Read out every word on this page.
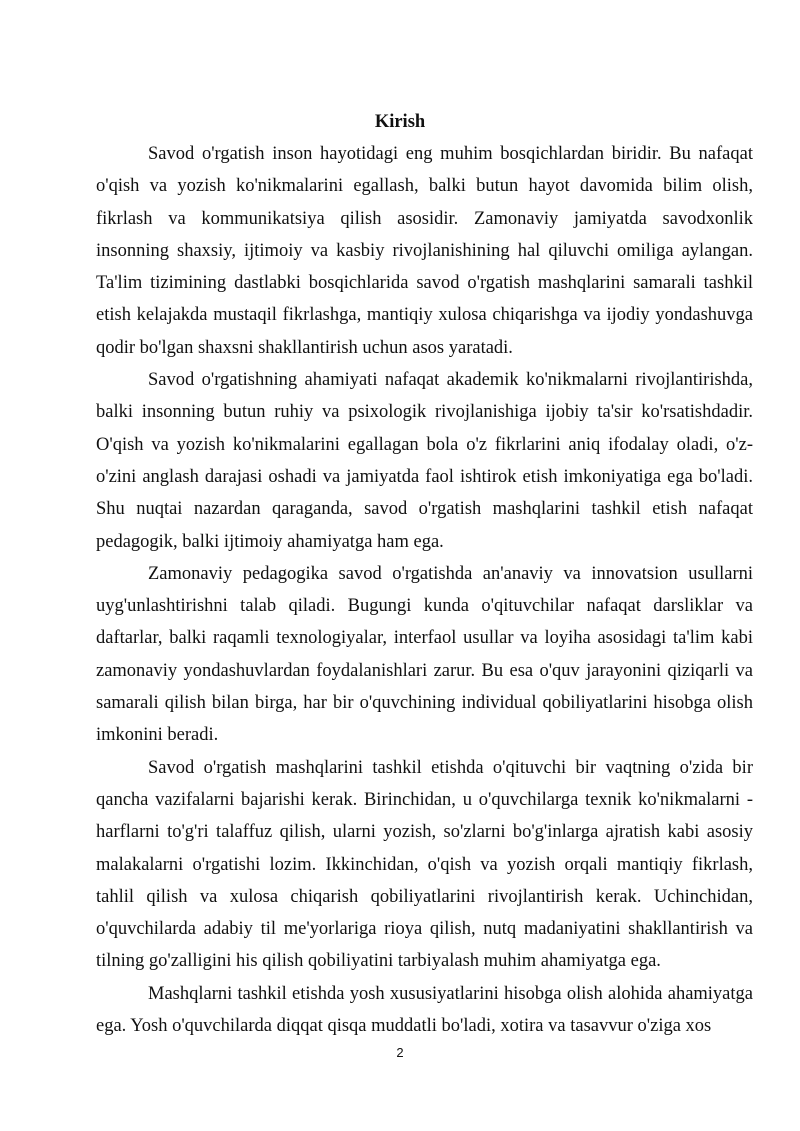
Kirish

Savod o'rgatish inson hayotidagi eng muhim bosqichlardan biridir. Bu nafaqat o'qish va yozish ko'nikmalarini egallash, balki butun hayot davomida bilim olish, fikrlash va kommunikatsiya qilish asosidir. Zamonaviy jamiyatda savodxonlik insonning shaxsiy, ijtimoiy va kasbiy rivojlanishining hal qiluvchi omiliga aylangan. Ta'lim tizimining dastlabki bosqichlarida savod o'rgatish mashqlarini samarali tashkil etish kelajakda mustaqil fikrlashga, mantiqiy xulosa chiqarishga va ijodiy yondashuvga qodir bo'lgan shaxsni shakllantirish uchun asos yaratadi.

Savod o'rgatishning ahamiyati nafaqat akademik ko'nikmalarni rivojlantirishda, balki insonning butun ruhiy va psixologik rivojlanishiga ijobiy ta'sir ko'rsatishdadir. O'qish va yozish ko'nikmalarini egallagan bola o'z fikrlarini aniq ifodalay oladi, o'z-o'zini anglash darajasi oshadi va jamiyatda faol ishtirok etish imkoniyatiga ega bo'ladi. Shu nuqtai nazardan qaraganda, savod o'rgatish mashqlarini tashkil etish nafaqat pedagogik, balki ijtimoiy ahamiyatga ham ega.

Zamonaviy pedagogika savod o'rgatishda an'anaviy va innovatsion usullarni uyg'unlashtirishni talab qiladi. Bugungi kunda o'qituvchilar nafaqat darsliklar va daftarlar, balki raqamli texnologiyalar, interfaol usullar va loyiha asosidagi ta'lim kabi zamonaviy yondashuvlardan foydalanishlari zarur. Bu esa o'quv jarayonini qiziqarli va samarali qilish bilan birga, har bir o'quvchining individual qobiliyatlarini hisobga olish imkonini beradi.

Savod o'rgatish mashqlarini tashkil etishda o'qituvchi bir vaqtning o'zida bir qancha vazifalarni bajarishi kerak. Birinchidan, u o'quvchilarga texnik ko'nikmalarni - harflarni to'g'ri talaffuz qilish, ularni yozish, so'zlarni bo'g'inlarga ajratish kabi asosiy malakalarni o'rgatishi lozim. Ikkinchidan, o'qish va yozish orqali mantiqiy fikrlash, tahlil qilish va xulosa chiqarish qobiliyatlarini rivojlantirish kerak. Uchinchidan, o'quvchilarda adabiy til me'yorlariga rioya qilish, nutq madaniyatini shakllantirish va tilning go'zalligini his qilish qobiliyatini tarbiyalash muhim ahamiyatga ega.

Mashqlarni tashkil etishda yosh xususiyatlarini hisobga olish alohida ahamiyatga ega. Yosh o'quvchilarda diqqat qisqa muddatli bo'ladi, xotira va tasavvur o'ziga xos

2
